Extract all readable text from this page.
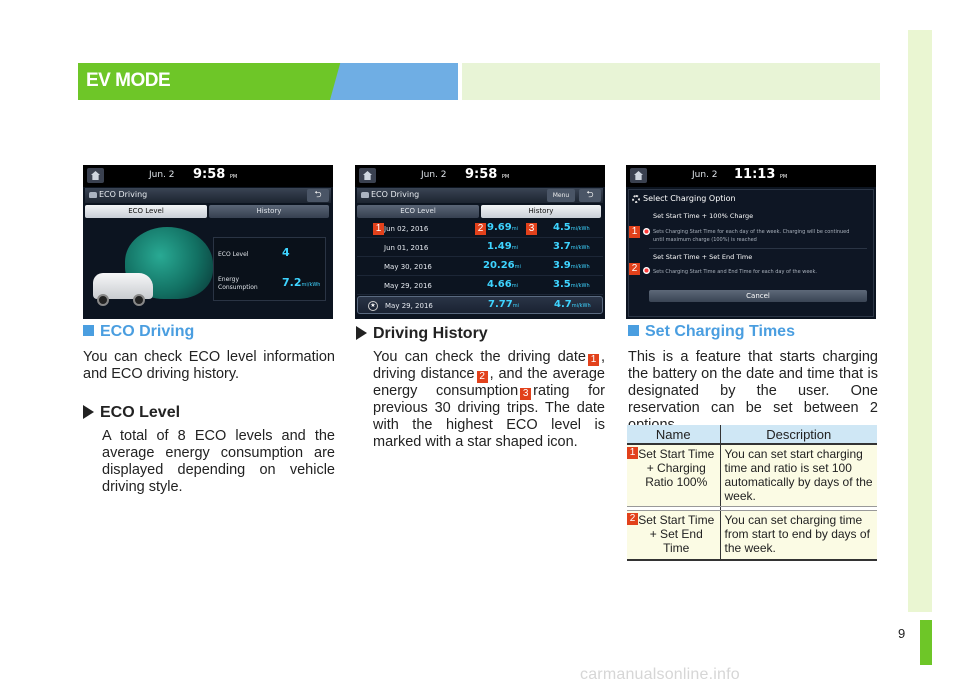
9
EV MODE
Jun. 2 9:58 PM
ECO Driving	⮌
ECO Level	History
ECO Level	4
Energy
Consumption 7.2mi/kWh
Jun. 2 9:58 PM
ECO Driving	Menu	⮌
ECO Level	History
Jun 02, 2016	9.69mi	4.5mi/kWh
Jun 01, 2016	1.49mi	3.7mi/kWh
May 30, 2016	20.26mi	3.9mi/kWh
May 29, 2016	4.66mi	3.5mi/kWh
★	May 29, 2016	7.77mi	4.7mi/kWh
1	2	3
Jun. 2 11:13 PM
Select Charging Option
Set Start Time + 100% Charge
Sets Charging Start Time for each day of the week. Charging will be continued until maximum charge (100%) is reached
Set Start Time + Set End Time
Sets Charging Start Time and End Time for each day of the week.
Cancel
1
2
ECO Driving
You can check ECO level information and ECO driving history.
ECO Level
A total of 8 ECO levels and the average energy consumption are displayed depending on vehicle driving style.
Driving History
You can check the driving date 1 , driving distance 2 , and the average energy consumption 3 rating for previous 30 driving trips. The date with the highest ECO level is marked with a star shaped icon.
Set Charging Times
This is a feature that starts charging the battery on the date and time that is designated by the user. One reservation can be set between 2
Name	Description

1 Set Start Time + Charging Ratio 100%	You can set start charging time and ratio is set 100 automatically by days of the week.

2 Set Start Time + Set End Time	You can set charging time from start to end by days of the week.
carmanualsonline.info
